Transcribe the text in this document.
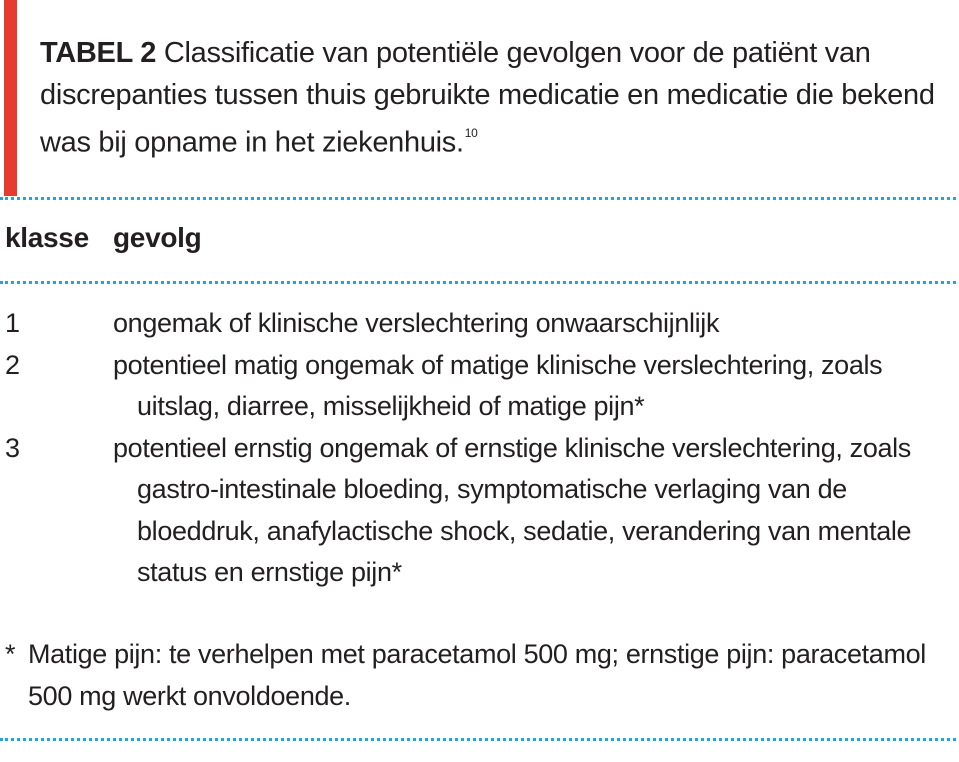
TABEL 2 Classificatie van potentiële gevolgen voor de patiënt van discrepanties tussen thuis gebruikte medicatie en medicatie die bekend was bij opname in het ziekenhuis.$^{10}$
klasse gevolg
1	ongemak of klinische verslechtering onwaarschijnlijk
2	potentieel matig ongemak of matige klinische verslechtering, zoals uitslag, diarree, misselijkheid of matige pijn*
3	potentieel ernstig ongemak of ernstige klinische verslechtering, zoals gastro-intestinale bloeding, symptomatische verlaging van de bloeddruk, anafylactische shock, sedatie, verandering van mentale status en ernstige pijn*
* Matige pijn: te verhelpen met paracetamol 500 mg; ernstige pijn: paracetamol 500 mg werkt onvoldoende.
